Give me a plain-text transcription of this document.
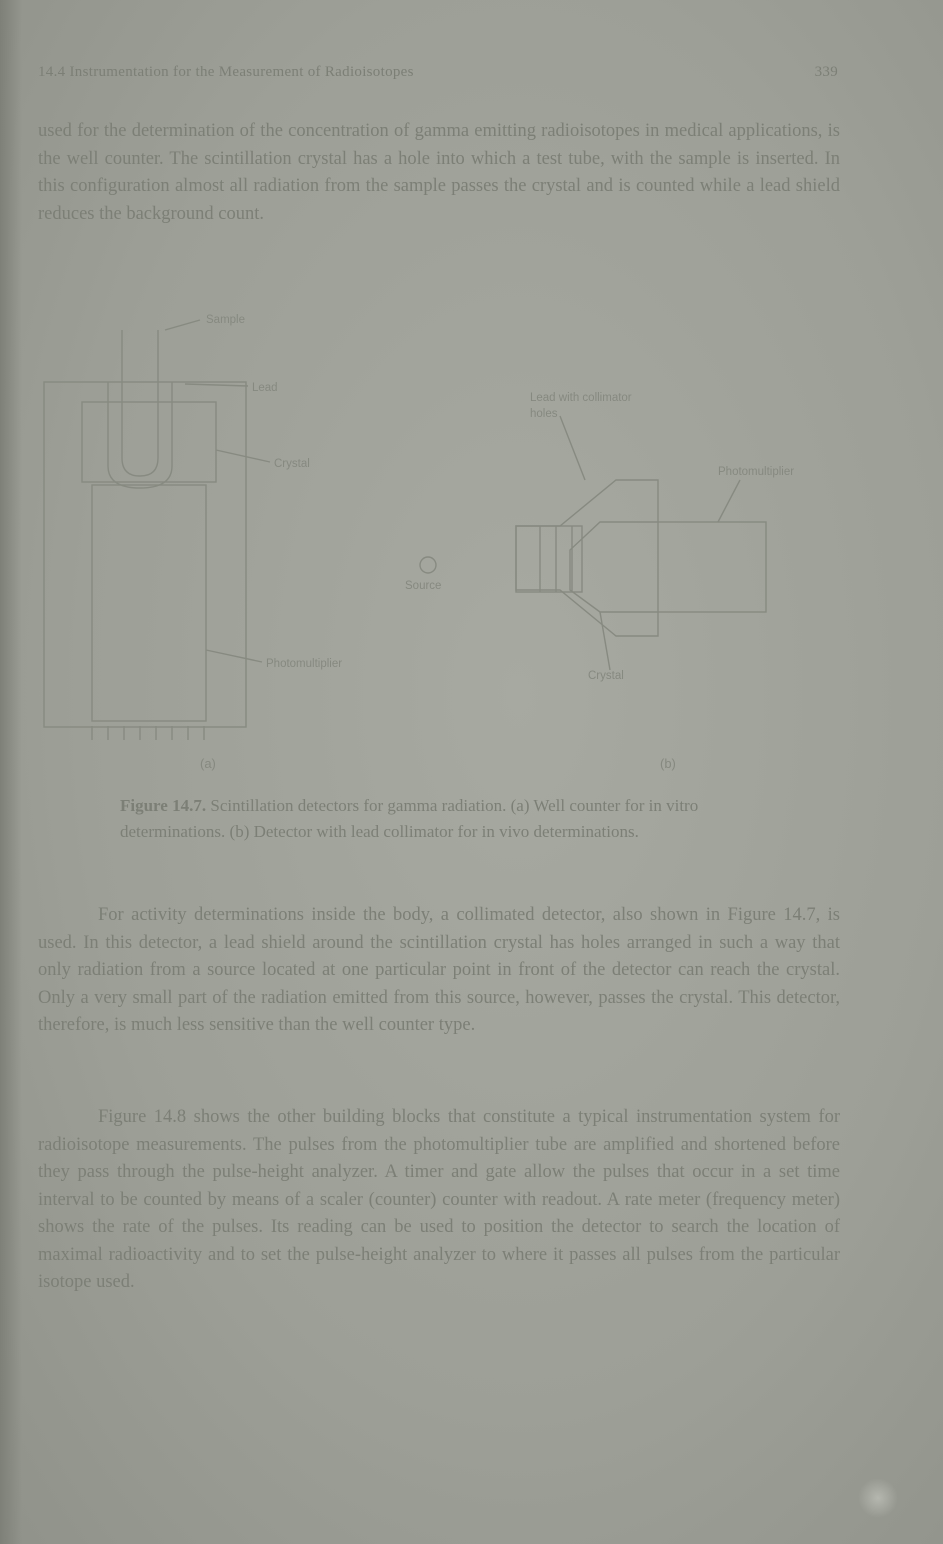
14.4 Instrumentation for the Measurement of Radioisotopes	339

used for the determination of the concentration of gamma emitting radioisotopes in medical applications, is the well counter. The scintillation crystal has a hole into which a test tube, with the sample is inserted. In this configuration almost all radiation from the sample passes the crystal and is counted while a lead shield reduces the background count.

Sample
Lead
Crystal
Photomultiplier
(a)
Source
Lead with collimator holes
Photomultiplier
Crystal
(b)

Figure 14.7. Scintillation detectors for gamma radiation. (a) Well counter for in vitro determinations. (b) Detector with lead collimator for in vivo determinations.

For activity determinations inside the body, a collimated detector, also shown in Figure 14.7, is used. In this detector, a lead shield around the scintillation crystal has holes arranged in such a way that only radiation from a source located at one particular point in front of the detector can reach the crystal. Only a very small part of the radiation emitted from this source, however, passes the crystal. This detector, therefore, is much less sensitive than the well counter type.

Figure 14.8 shows the other building blocks that constitute a typical instrumentation system for radioisotope measurements. The pulses from the photomultiplier tube are amplified and shortened before they pass through the pulse-height analyzer. A timer and gate allow the pulses that occur in a set time interval to be counted by means of a scaler (counter) counter with readout. A rate meter (frequency meter) shows the rate of the pulses. Its reading can be used to position the detector to search the location of maximal radioactivity and to set the pulse-height analyzer to where it passes all pulses from the particular isotope used.
